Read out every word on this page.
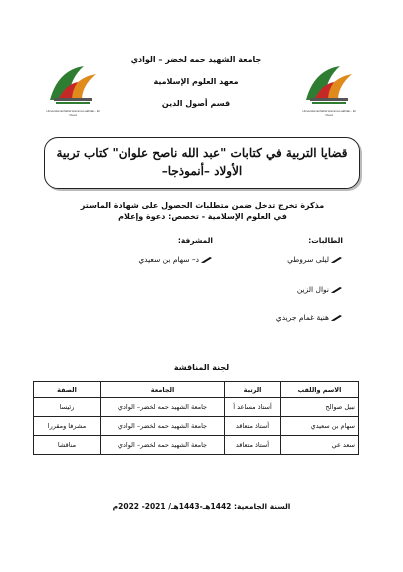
Université Echahid Hamma Lakhdar - El Oued
Université Echahid Hamma Lakhdar - El Oued
جامعة الشهيد حمه لخضر – الوادي
معهد العلوم الإسلامية
قسم أصول الدين
قضايا التربية في كتابات "عبد الله ناصح علوان" كتاب تربية
الأولاد –أنموذجا–
مذكرة تخرج تدخل ضمن متطلبات الحصول على شهادة الماستر
في العلوم الإسلامية - تخصص: دعوة وإعلام
الطالبات:
المشرفة:
ليلى سروطي
نوال الزين
هنية غمام جريدي
د– سهام بن سعيدي
لجنة المناقشة
الاسم واللقب	الرتبة	الجامعة	الصفة
نبيل صوالح	أستاذ مساعد أ	جامعة الشهيد حمه لخضر– الوادي	رئيسا
سهام بن سعيدي	أستاذ متعاقد	جامعة الشهيد حمه لخضر– الوادي	مشرفا ومقررا
سعد عي	أستاذ متعاقد	جامعة الشهيد حمه لخضر– الوادي	مناقشا
السنة الجامعية: 1442هـ-1443هـ/ 2021- 2022م
